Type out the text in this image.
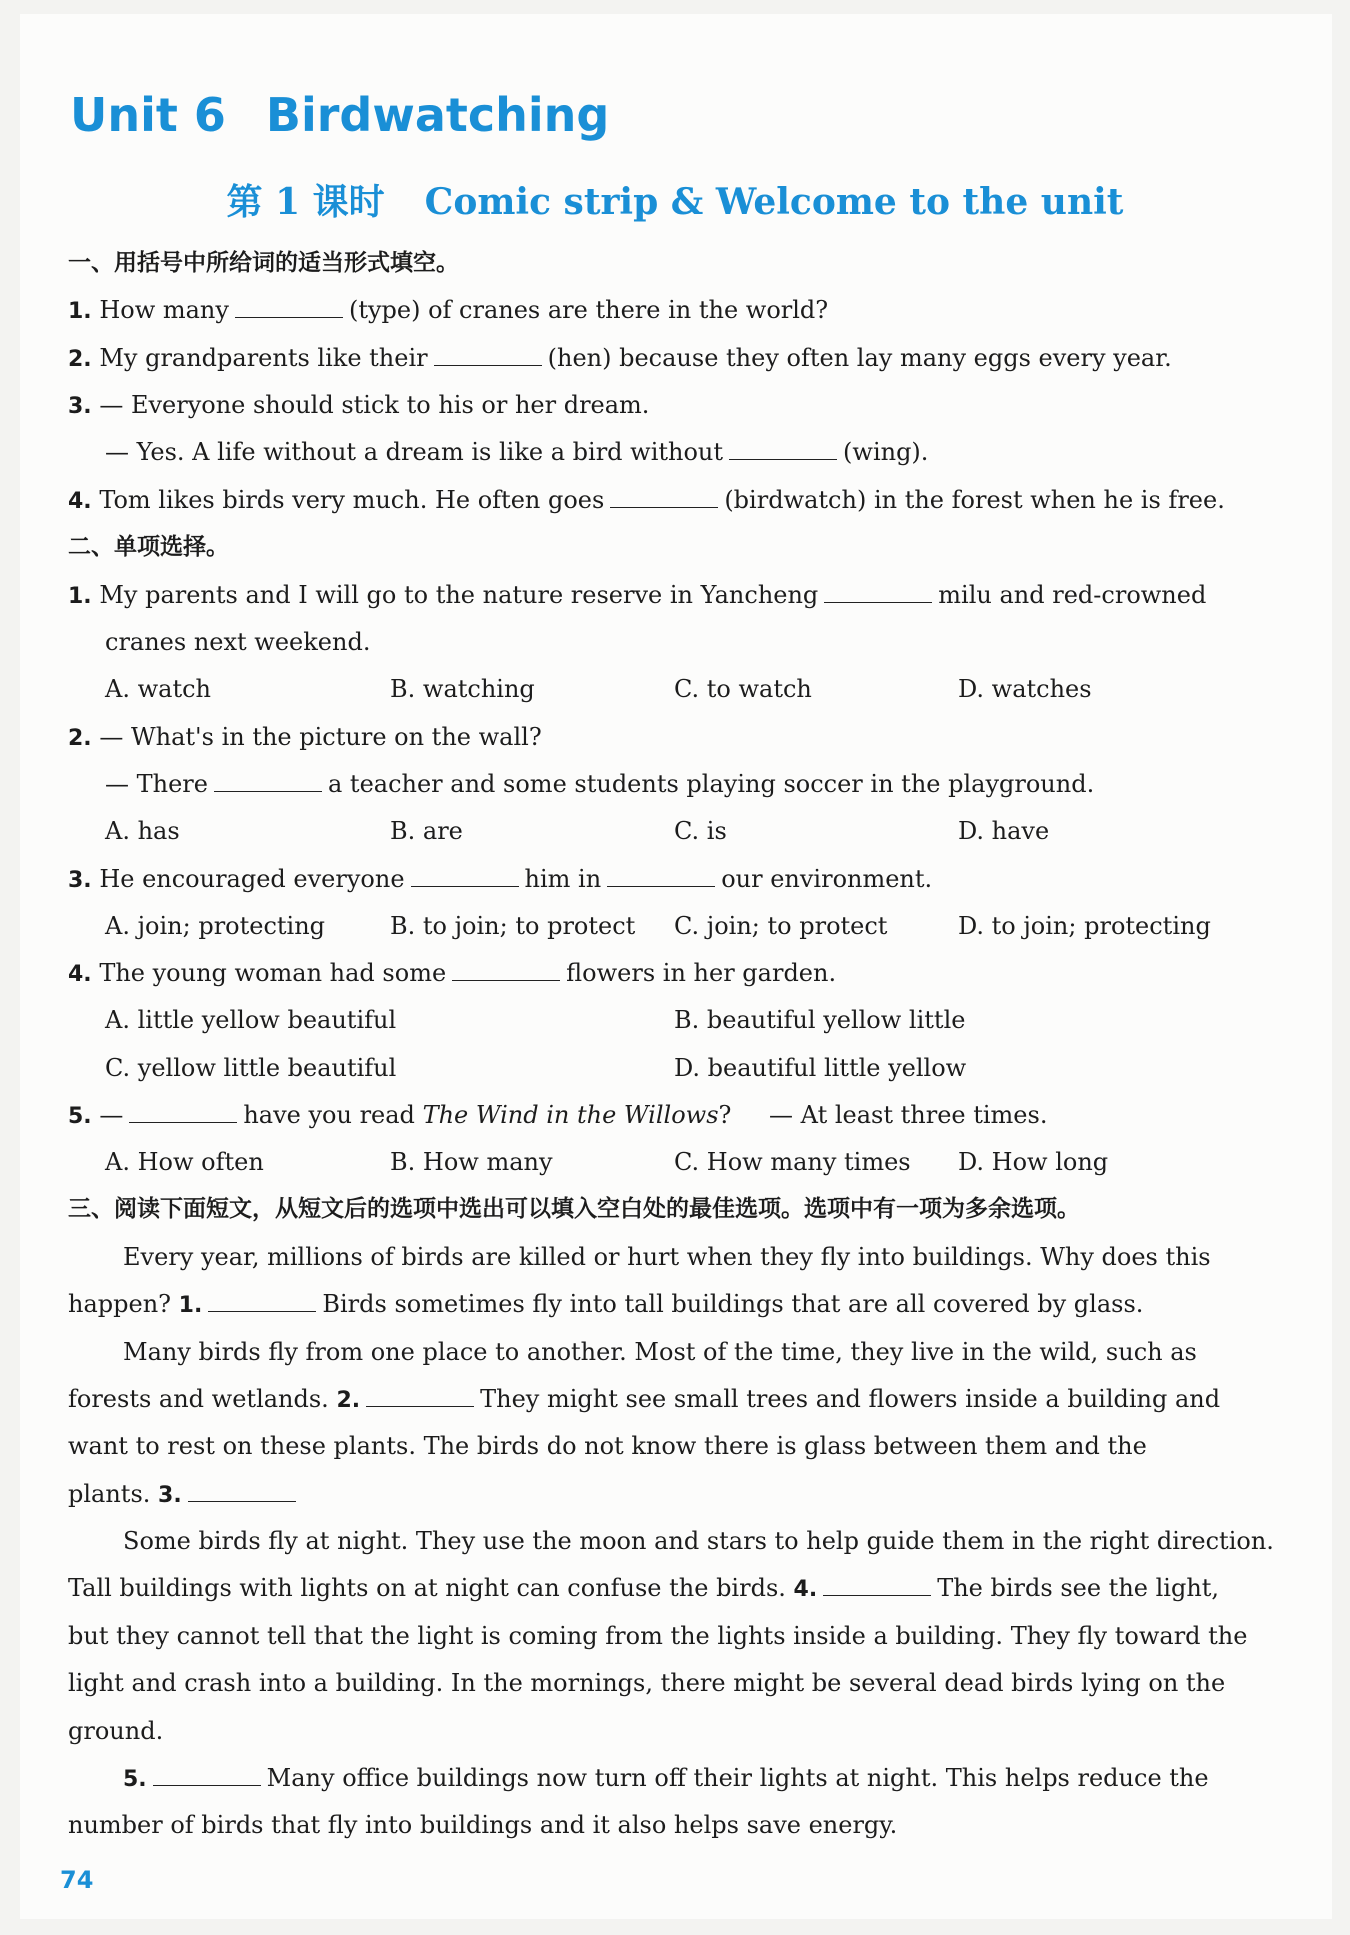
Unit 6 Birdwatching
第 1 课时 Comic strip & Welcome to the unit
一、用括号中所给词的适当形式填空。
1. How many	(type) of cranes are there in the world?
2. My grandparents like their	(hen) because they often lay many eggs every year.
3. — Everyone should stick to his or her dream.
— Yes. A life without a dream is like a bird without	(wing).
4. Tom likes birds very much. He often goes	(birdwatch) in the forest when he is free.
二、单项选择。
1. My parents and I will go to the nature reserve in Yancheng	milu and red-crowned
cranes next weekend.
A. watch	B. watching	C. to watch	D. watches
2. — What's in the picture on the wall?
— There	a teacher and some students playing soccer in the playground.
A. has	B. are	C. is	D. have
3. He encouraged everyone	him in	our environment.
A. join; protecting	B. to join; to protect C. join; to protect	D. to join; protecting
4. The young woman had some	flowers in her garden.
A. little yellow beautiful	B. beautiful yellow little
C. yellow little beautiful	D. beautiful little yellow
5. —	have you read The Wind in the Willows? — At least three times.
A. How often	B. How many	C. How many times D. How long
三、阅读下面短文，从短文后的选项中选出可以填入空白处的最佳选项。选项中有一项为多余选项。
Every year, millions of birds are killed or hurt when they fly into buildings. Why does this
happen? 1.	Birds sometimes fly into tall buildings that are all covered by glass.
Many birds fly from one place to another. Most of the time, they live in the wild, such as
forests and wetlands. 2.	They might see small trees and flowers inside a building and
want to rest on these plants. The birds do not know there is glass between them and the
plants. 3.
Some birds fly at night. They use the moon and stars to help guide them in the right direction.
Tall buildings with lights on at night can confuse the birds. 4.	The birds see the light,
but they cannot tell that the light is coming from the lights inside a building. They fly toward the
light and crash into a building. In the mornings, there might be several dead birds lying on the
ground.
5.	Many office buildings now turn off their lights at night. This helps reduce the
number of birds that fly into buildings and it also helps save energy.
74
